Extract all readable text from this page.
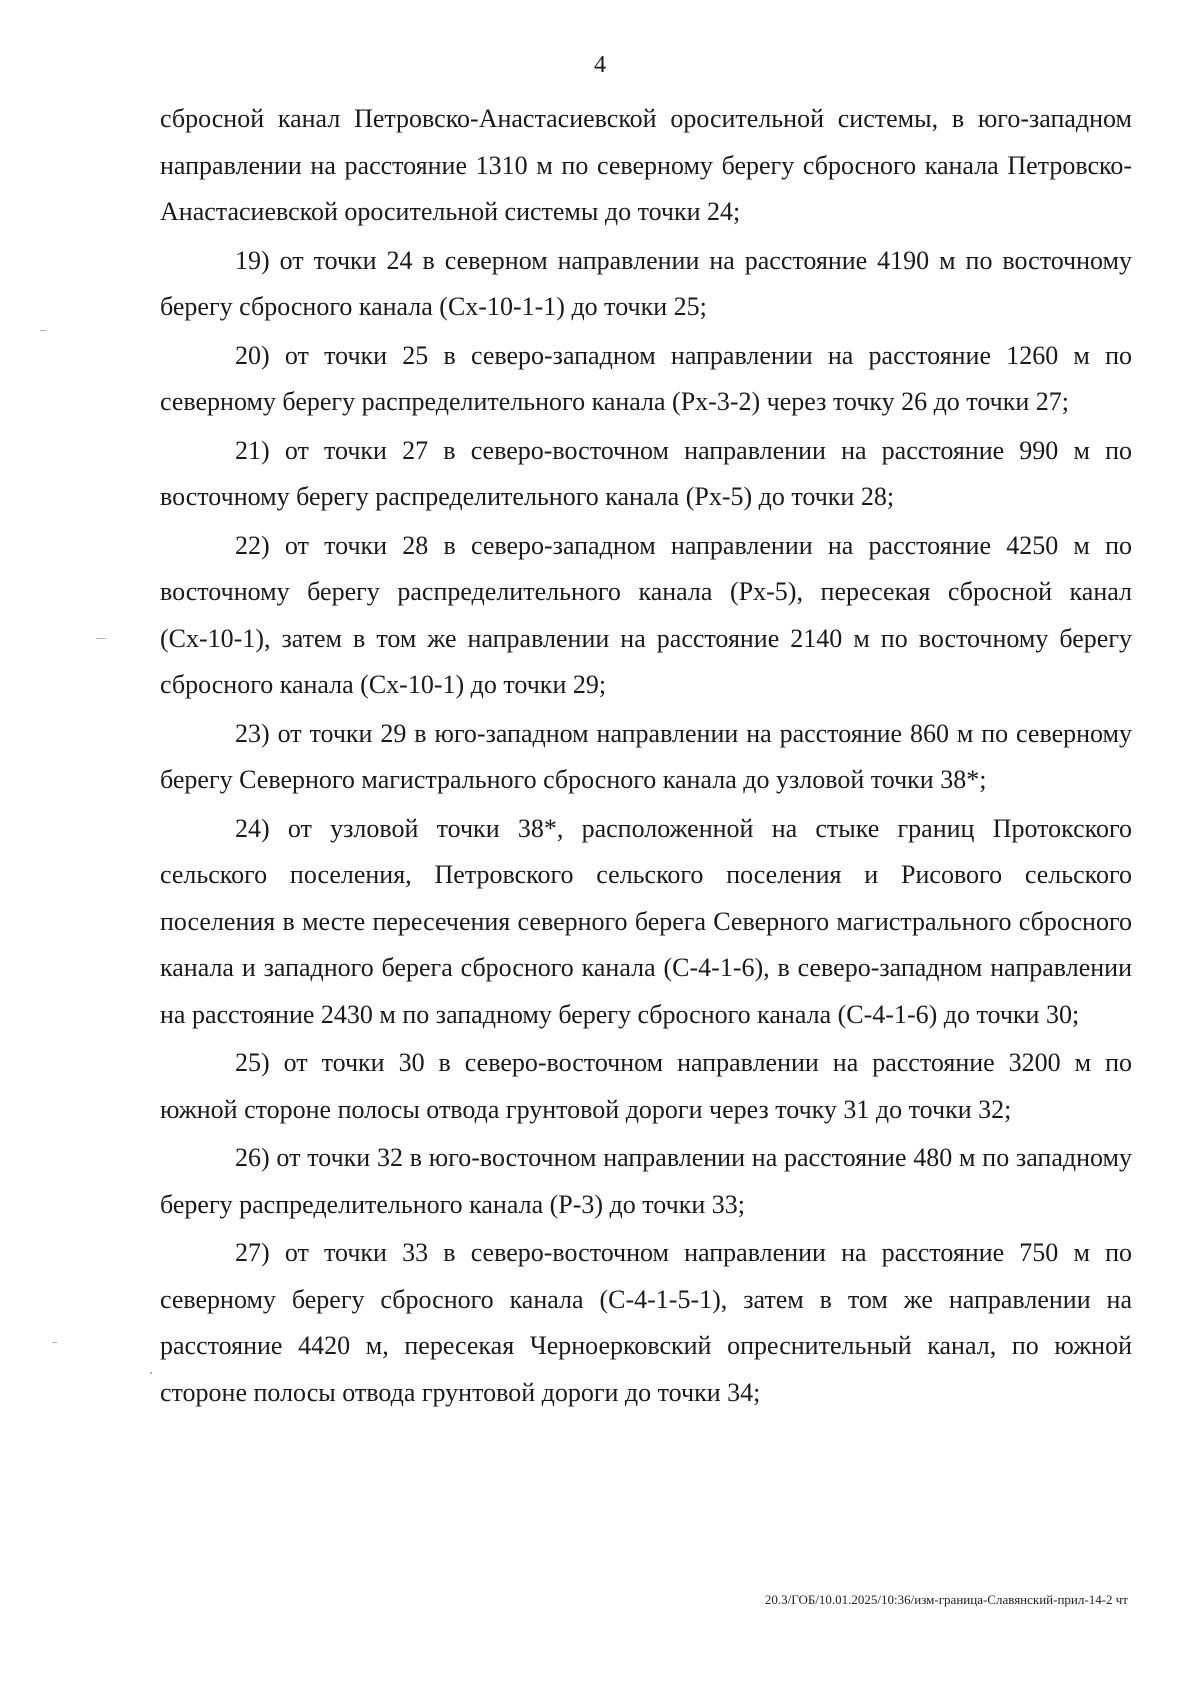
4

сбросной канал Петровско-Анастасиевской оросительной системы, в юго-западном направлении на расстояние 1310 м по северному берегу сбросного канала Петровско-Анастасиевской оросительной системы до точки 24;

19) от точки 24 в северном направлении на расстояние 4190 м по восточному берегу сбросного канала (Сх-10-1-1) до точки 25;

20) от точки 25 в северо-западном направлении на расстояние 1260 м по северному берегу распределительного канала (Рх-3-2) через точку 26 до точки 27;

21) от точки 27 в северо-восточном направлении на расстояние 990 м по восточному берегу распределительного канала (Рх-5) до точки 28;

22) от точки 28 в северо-западном направлении на расстояние 4250 м по восточному берегу распределительного канала (Рх-5), пересекая сбросной канал (Сх-10-1), затем в том же направлении на расстояние 2140 м по восточному берегу сбросного канала (Сх-10-1) до точки 29;

23) от точки 29 в юго-западном направлении на расстояние 860 м по северному берегу Северного магистрального сбросного канала до узловой точки 38*;

24) от узловой точки 38*, расположенной на стыке границ Протокского сельского поселения, Петровского сельского поселения и Рисового сельского поселения в месте пересечения северного берега Северного магистрального сбросного канала и западного берега сбросного канала (С-4-1-6), в северо-западном направлении на расстояние 2430 м по западному берегу сбросного канала (С-4-1-6) до точки 30;

25) от точки 30 в северо-восточном направлении на расстояние 3200 м по южной стороне полосы отвода грунтовой дороги через точку 31 до точки 32;

26) от точки 32 в юго-восточном направлении на расстояние 480 м по западному берегу распределительного канала (Р-3) до точки 33;

27) от точки 33 в северо-восточном направлении на расстояние 750 м по северному берегу сбросного канала (С-4-1-5-1), затем в том же направлении на расстояние 4420 м, пересекая Черноерковский опреснительный канал, по южной стороне полосы отвода грунтовой дороги до точки 34;

20.3/ГОБ/10.01.2025/10:36/изм-граница-Славянский-прил-14-2 чт
